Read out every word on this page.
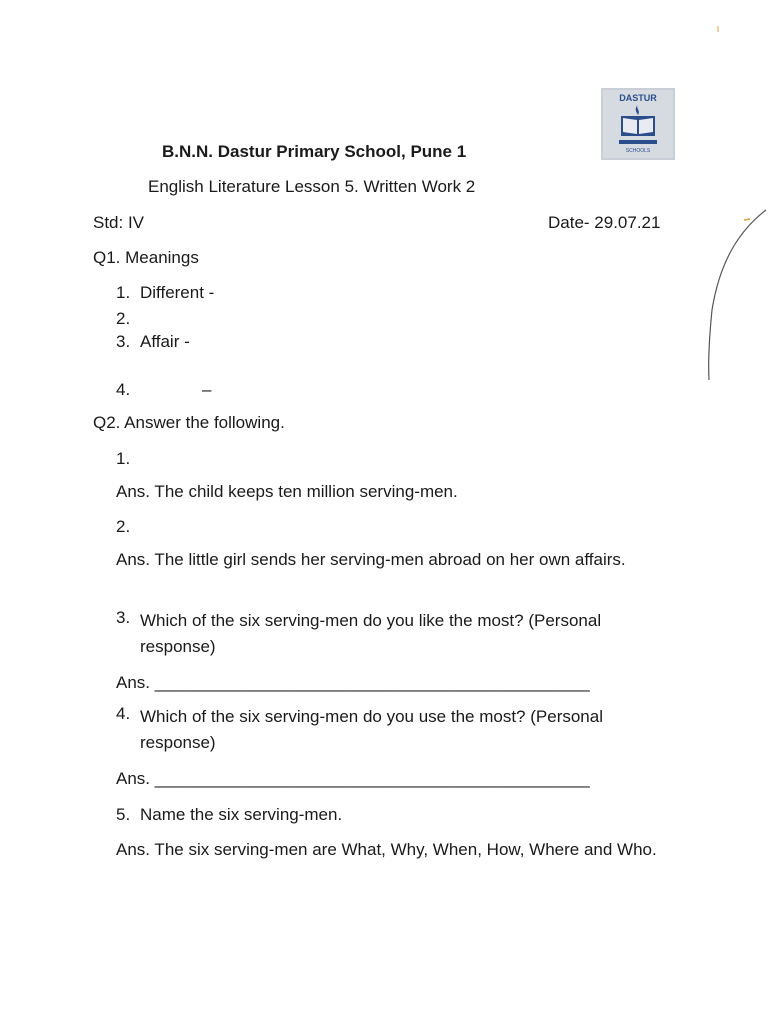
DASTUR
SCHOOLS
B.N.N. Dastur Primary School, Pune 1
English Literature Lesson 5. Written Work 2
Std: IV	Date- 29.07.21
Q1. Meanings
1. Different -
2.
3. Affair -
4.	–
Q2. Answer the following.
1.
Ans. The child keeps ten million serving-men.
2.
Ans. The little girl sends her serving-men abroad on her own affairs.
3. Which of the six serving-men do you like the most? (Personal response)
Ans. ______________________________________________
4. Which of the six serving-men do you use the most? (Personal response)
Ans. ______________________________________________
5. Name the six serving-men.
Ans. The six serving-men are What, Why, When, How, Where and Who.
